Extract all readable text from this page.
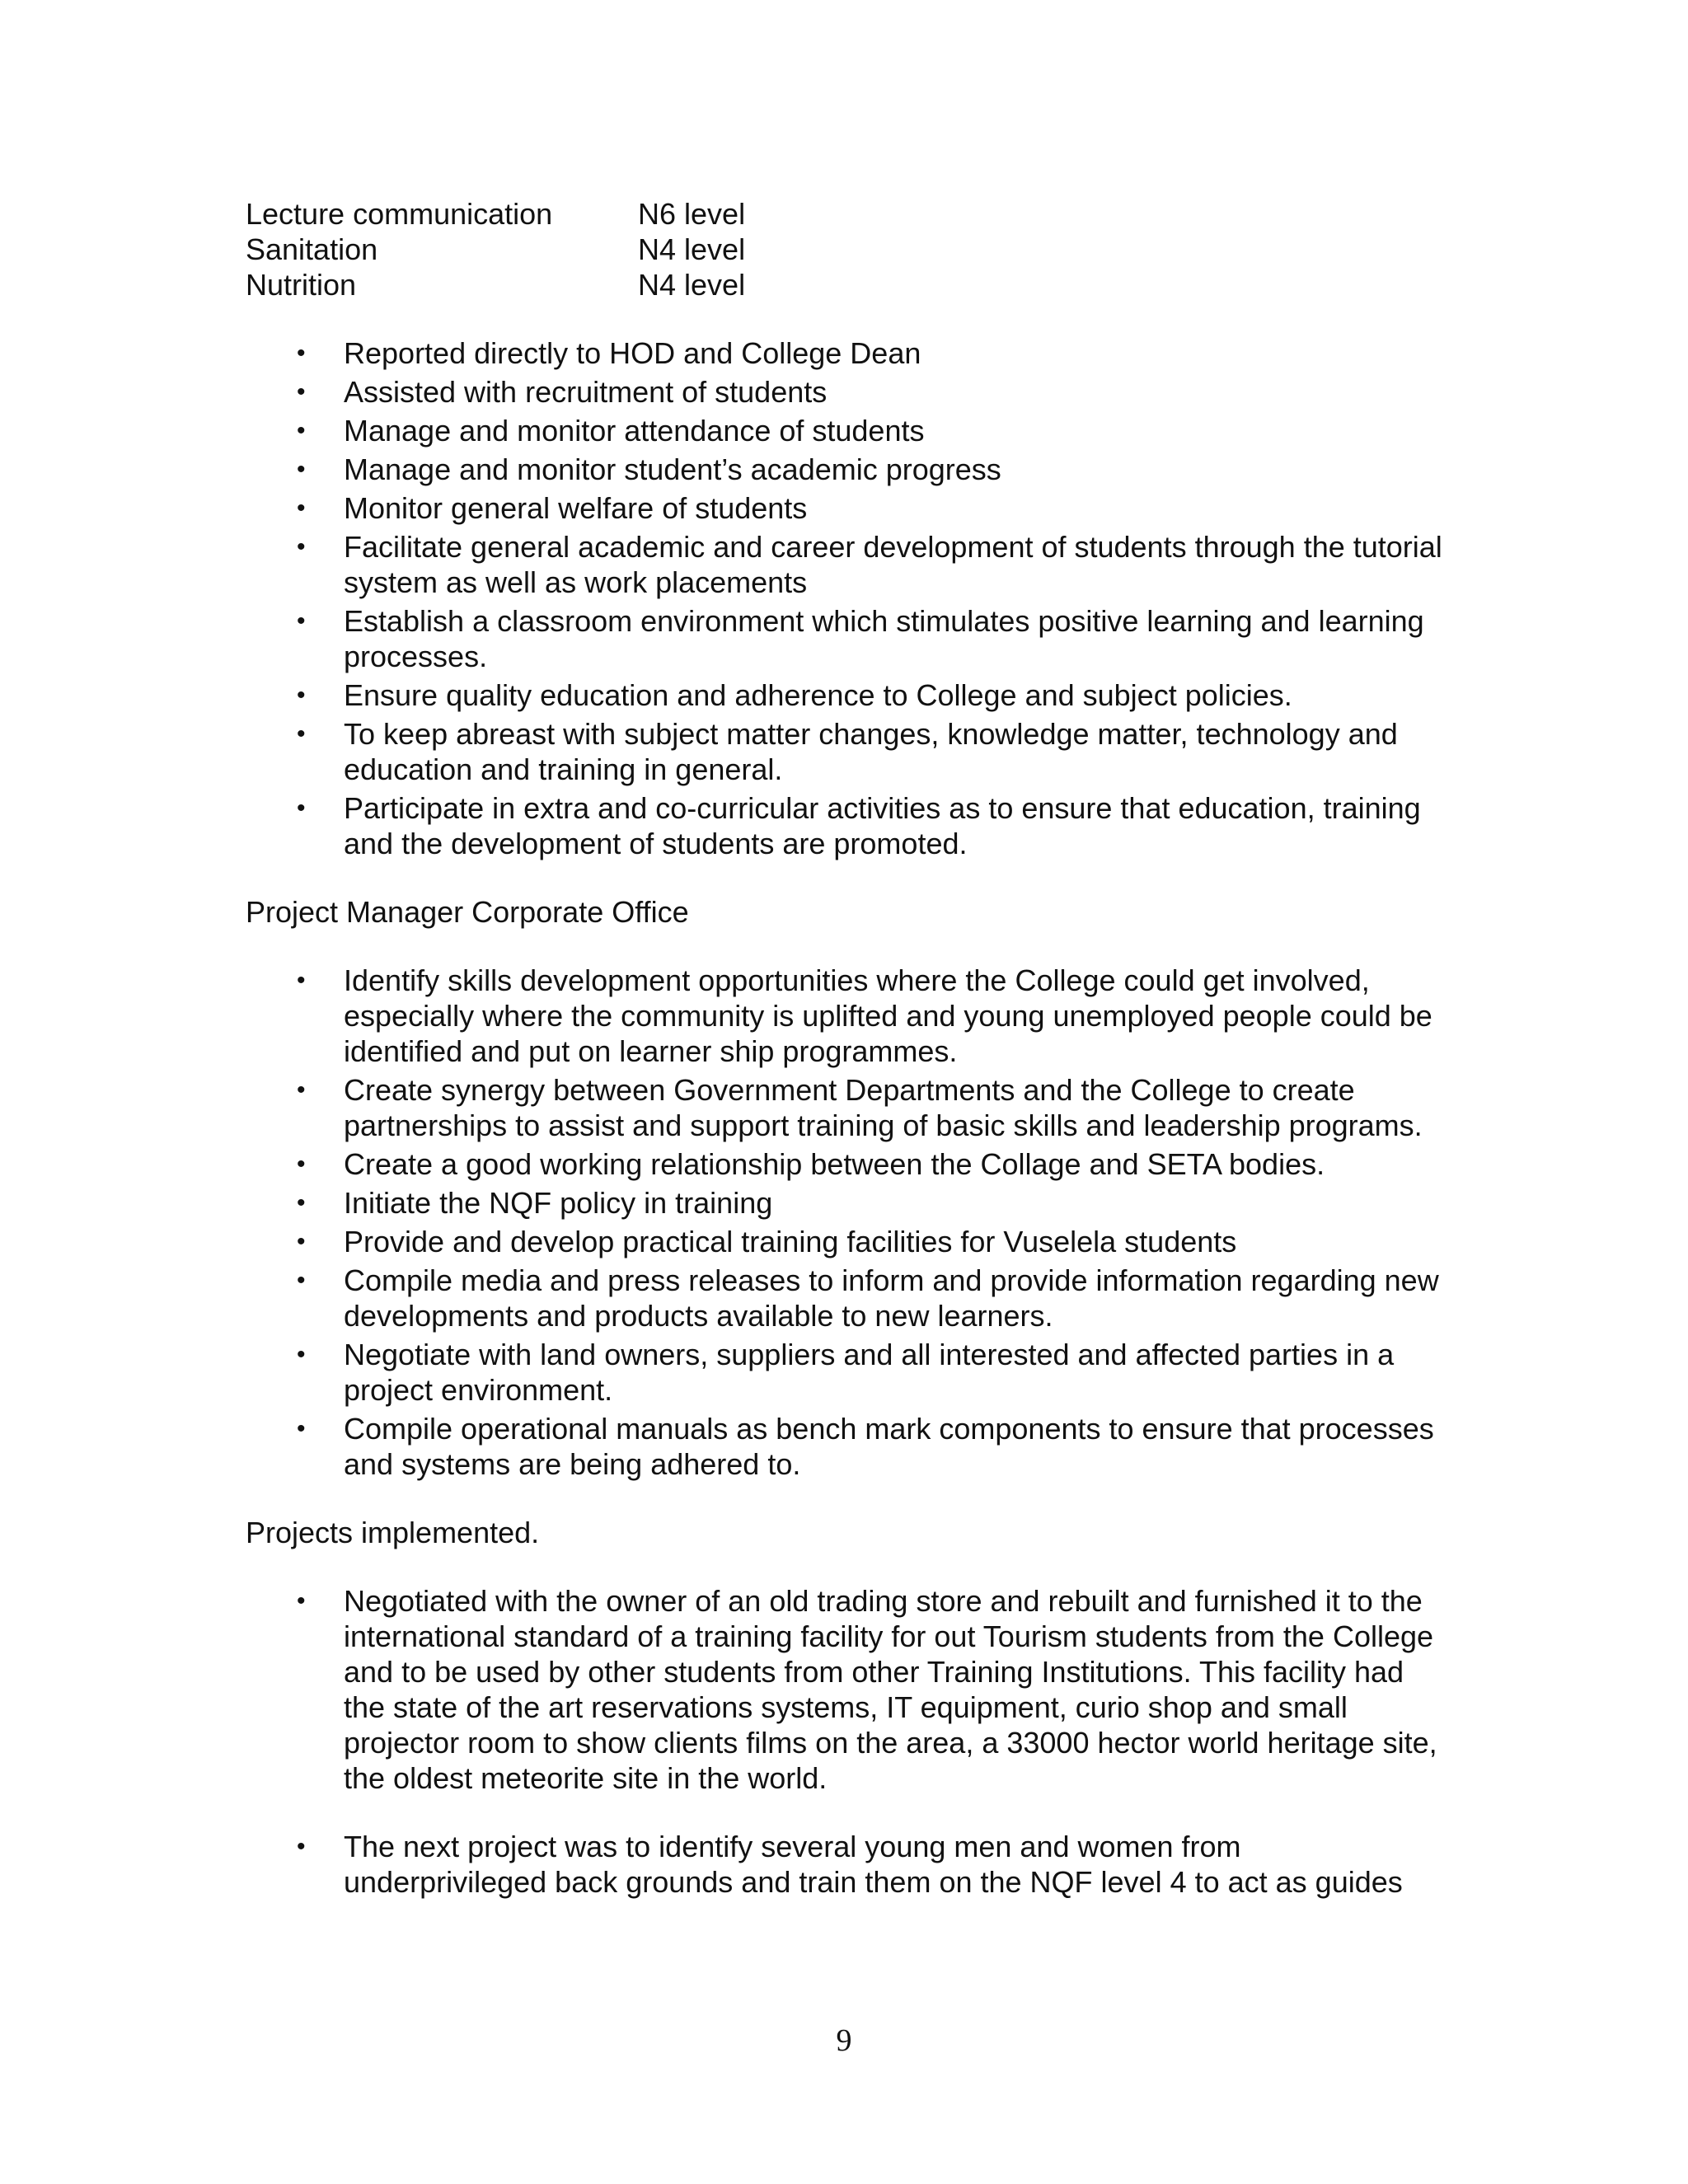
Lecture communication	N6 level
Sanitation	N4 level
Nutrition	N4 level
• Reported directly to HOD and College Dean
• Assisted with recruitment of students
• Manage and monitor attendance of students
• Manage and monitor student’s academic progress
• Monitor general welfare of students
• Facilitate general academic and career development of students through the tutorial system as well as work placements
• Establish a classroom environment which stimulates positive learning and learning processes.
• Ensure quality education and adherence to College and subject policies.
• To keep abreast with subject matter changes, knowledge matter, technology and education and training in general.
• Participate in extra and co-curricular activities as to ensure that education, training and the development of students are promoted.

Project Manager Corporate Office

• Identify skills development opportunities where the College could get involved, especially where the community is uplifted and young unemployed people could be identified and put on learner ship programmes.
• Create synergy between Government Departments and the College to create partnerships to assist and support training of basic skills and leadership programs.
• Create a good working relationship between the Collage and SETA bodies.
• Initiate the NQF policy in training
• Provide and develop practical training facilities for Vuselela students
• Compile media and press releases to inform and provide information regarding new developments and products available to new learners.
• Negotiate with land owners, suppliers and all interested and affected parties in a project environment.
• Compile operational manuals as bench mark components to ensure that processes and systems are being adhered to.

Projects implemented.

• Negotiated with the owner of an old trading store and rebuilt and furnished it to the international standard of a training facility for out Tourism students from the College and to be used by other students from other Training Institutions. This facility had the state of the art reservations systems, IT equipment, curio shop and small projector room to show clients films on the area, a 33000 hector world heritage site, the oldest meteorite site in the world.
• The next project was to identify several young men and women from underprivileged back grounds and train them on the NQF level 4 to act as guides
9
